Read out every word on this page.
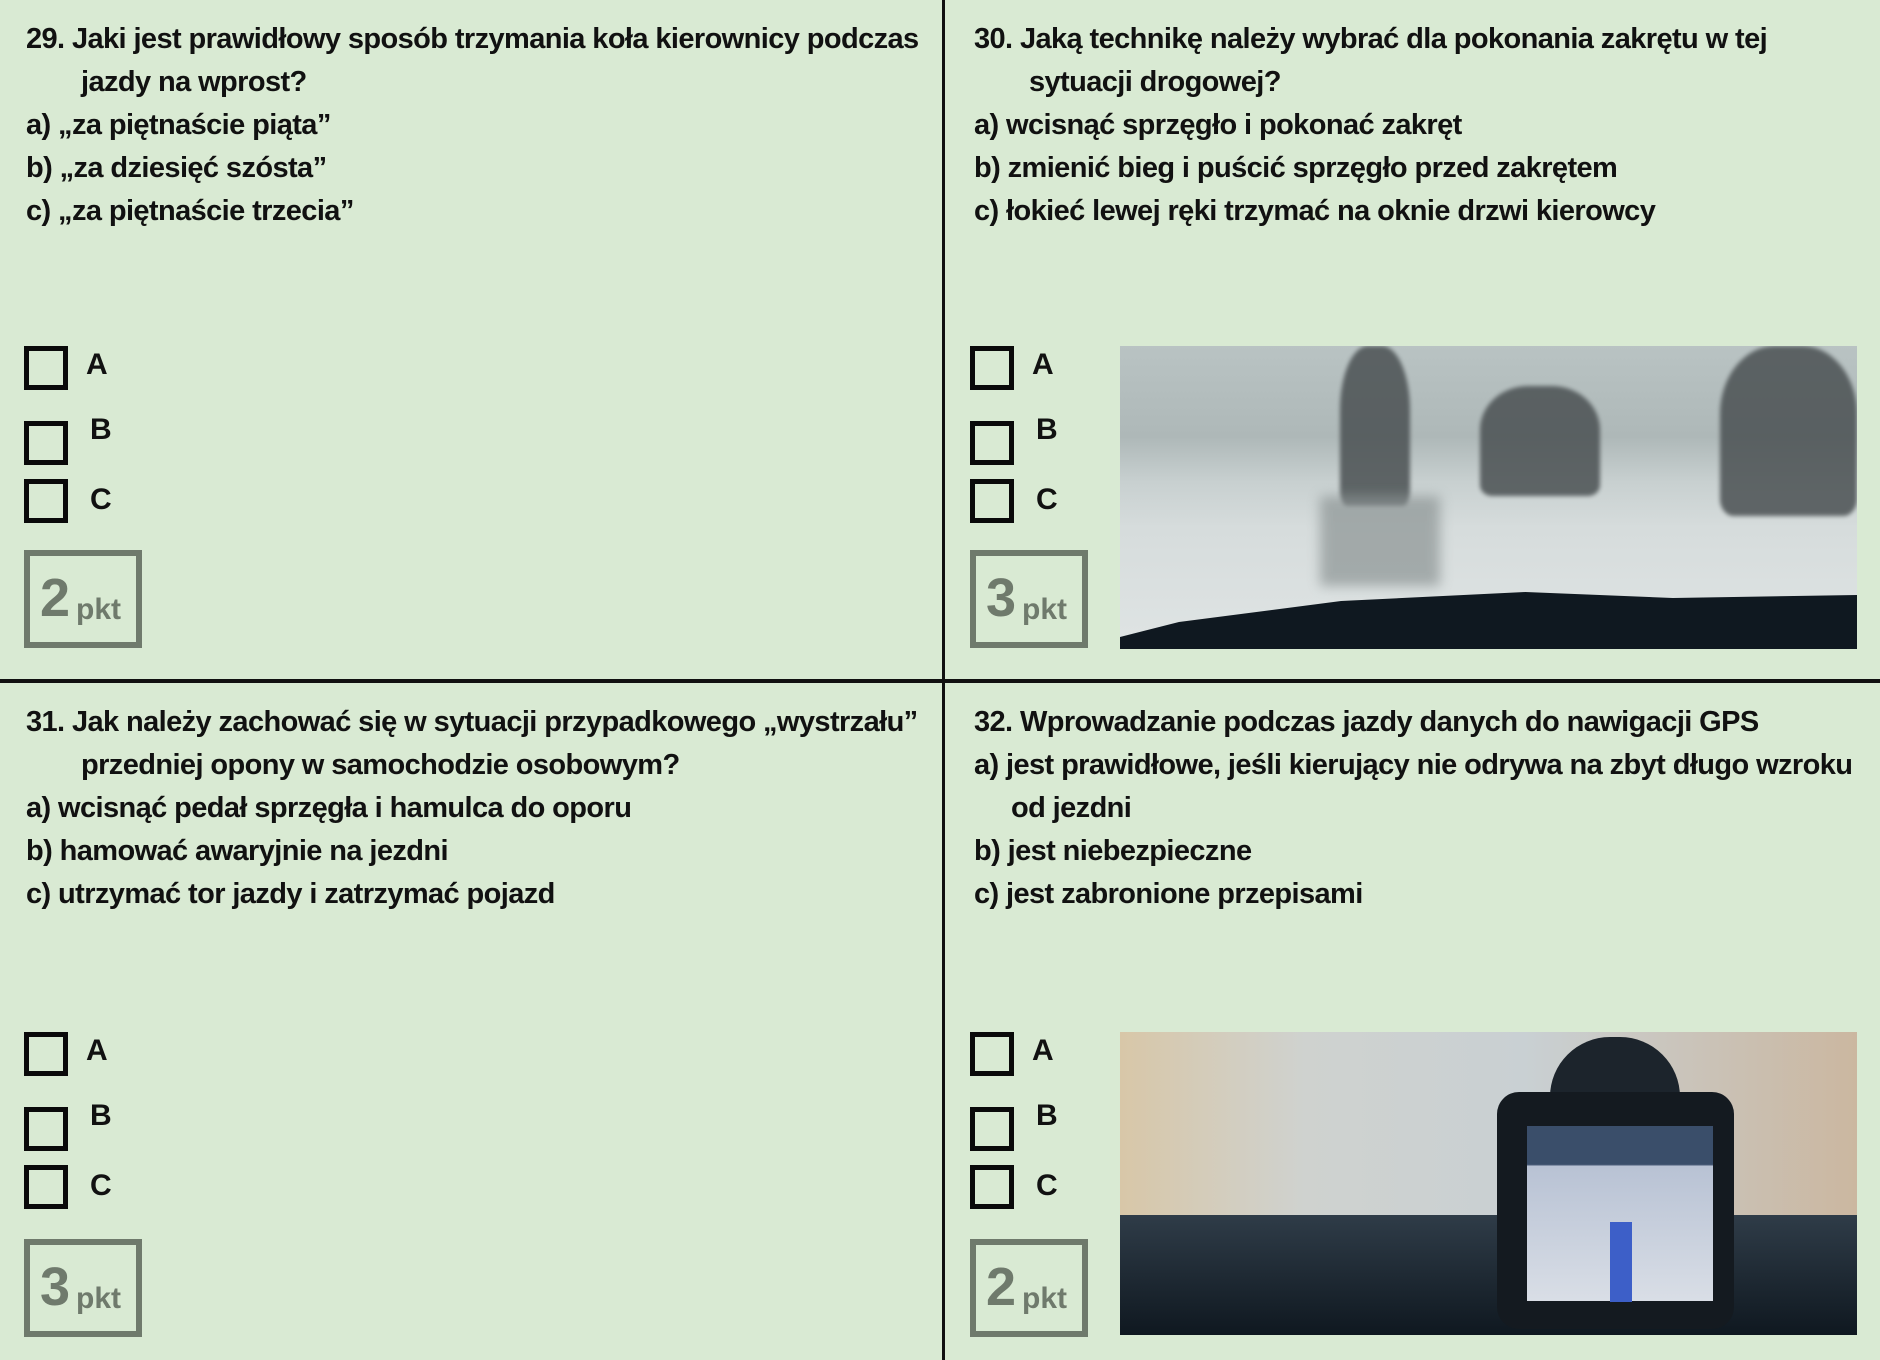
29. Jaki jest prawidłowy sposób trzymania koła kierownicy podczas jazdy na wprost?
a) „za piętnaście piąta”
b) „za dziesięć szósta”
c) „za piętnaście trzecia”
A
B
C
2 pkt
30. Jaką technikę należy wybrać dla pokonania zakrętu w tej sytuacji drogowej?
a) wcisnąć sprzęgło i pokonać zakręt
b) zmienić bieg i puścić sprzęgło przed zakrętem
c) łokieć lewej ręki trzymać na oknie drzwi kierowcy
A
B
C
3 pkt
31. Jak należy zachować się w sytuacji przypadkowego „wystrzału” przedniej opony w samochodzie osobowym?
a) wcisnąć pedał sprzęgła i hamulca do oporu
b) hamować awaryjnie na jezdni
c) utrzymać tor jazdy i zatrzymać pojazd
A
B
C
3 pkt
32. Wprowadzanie podczas jazdy danych do nawigacji GPS
a) jest prawidłowe, jeśli kierujący nie odrywa na zbyt długo wzroku od jezdni
b) jest niebezpieczne
c) jest zabronione przepisami
A
B
C
2 pkt
